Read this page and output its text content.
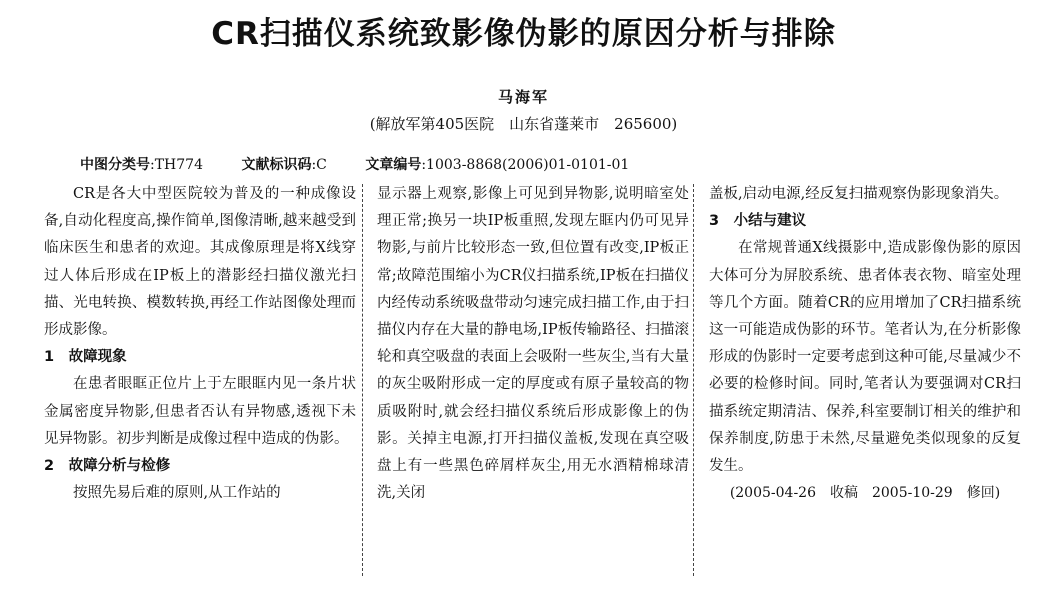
CR扫描仪系统致影像伪影的原因分析与排除
马海军
(解放军第405医院　山东省蓬莱市　265600)
中图分类号:TH774	文献标识码:C	文章编号:1003-8868(2006)01-0101-01

CR是各大中型医院较为普及的一种成像设备,自动化程度高,操作简单,图像清晰,越来越受到临床医生和患者的欢迎。其成像原理是将X线穿过人体后形成在IP板上的潜影经扫描仪激光扫描、光电转换、模数转换,再经工作站图像处理而形成影像。

1　故障现象

在患者眼眶正位片上于左眼眶内见一条片状金属密度异物影,但患者否认有异物感,透视下未见异物影。初步判断是成像过程中造成的伪影。

2　故障分析与检修

按照先易后难的原则,从工作站的

显示器上观察,影像上可见到异物影,说明暗室处理正常;换另一块IP板重照,发现左眶内仍可见异物影,与前片比较形态一致,但位置有改变,IP板正常;故障范围缩小为CR仪扫描系统,IP板在扫描仪内经传动系统吸盘带动匀速完成扫描工作,由于扫描仪内存在大量的静电场,IP板传输路径、扫描滚轮和真空吸盘的表面上会吸附一些灰尘,当有大量的灰尘吸附形成一定的厚度或有原子量较高的物质吸附时,就会经扫描仪系统后形成影像上的伪影。关掉主电源,打开扫描仪盖板,发现在真空吸盘上有一些黑色碎屑样灰尘,用无水酒精棉球清洗,关闭

盖板,启动电源,经反复扫描观察伪影现象消失。

3　小结与建议

在常规普通X线摄影中,造成影像伪影的原因大体可分为屏胶系统、患者体表衣物、暗室处理等几个方面。随着CR的应用增加了CR扫描系统这一可能造成伪影的环节。笔者认为,在分析影像形成的伪影时一定要考虑到这种可能,尽量减少不必要的检修时间。同时,笔者认为要强调对CR扫描系统定期清洁、保养,科室要制订相关的维护和保养制度,防患于未然,尽量避免类似现象的反复发生。

(2005-04-26　收稿　2005-10-29　修回)
